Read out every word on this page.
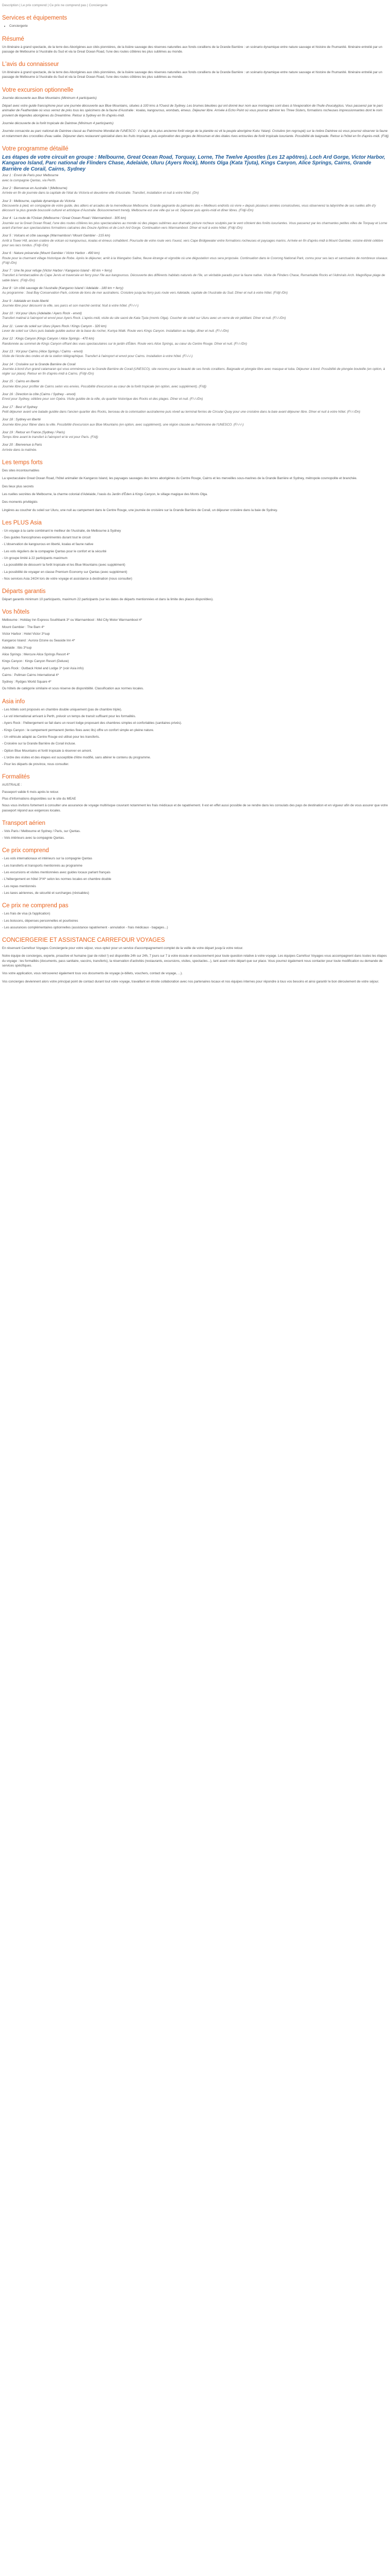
Description | Le prix comprend | Ce prix ne comprend pas | Conciergerie
Services et équipements
• Conciergerie
Résumé

Un itinéraire à grand spectacle, de la terre des Aborigènes aux cités pionnières, de la lisière sauvage des réserves naturelles aux fonds coralliens de la Grande Barrière : un scénario dynamique entre nature sauvage et histoire de l'humanité. Itinéraire entrelié par un passage de Melbourne à l'Australie du Sud et via la Great Ocean Road, l'une des routes côtières les plus sublimes au monde.

L'avis du connaisseur

Un itinéraire à grand spectacle, de la terre des Aborigènes aux cités pionnières, de la lisière sauvage des réserves naturelles aux fonds coralliens de la Grande Barrière : un scénario dynamique entre nature sauvage et histoire de l'humanité. Itinéraire entrelié par un passage de Melbourne à l'Australie du Sud et via la Great Ocean Road, l'une des routes côtières les plus sublimes au monde.

Votre excursion optionnelle

Journée découverte aux Blue Mountains (Minimum 4 participants)

Départ avec votre guide francophone pour une journée découverte aux Blue Mountains, situées à 100 kms à l'Ouest de Sydney. Les brumes bleutées qui ont donné leur nom aux montagnes sont dues à l'évaporation de l'huile d'eucalyptus. Vous passerez par le parc animalier de Featherdale où vous verrez de près tous les spécimens de la faune d'Australie : koalas, kangourous, wombats, émeus. Déjeuner libre. Arrivée à Echo Point où vous pourrez admirer les Three Sisters, formations rocheuses impressionnantes dont le nom provient de légendes aborigènes du Dreamtime. Retour à Sydney en fin d'après-midi.

Journée découverte de la forêt tropicale de Daintree (Minimum 4 participants)

Journée consacrée au parc national de Daintree classé au Patrimoine Mondial de l'UNESCO : il s'agit de la plus ancienne forêt vierge de la planète où vit la peuple aborigène Kuku Yalanji. Croisière (en regroupé) sur la rivière Daintree où vous pourrez observer la faune et notamment des crocodiles d'eau salée. Déjeuner dans restaurant spécialisé dans les fruits tropicaux, puis exploration des gorges de Mossman et des étales rives entourées de forêt tropicale luxuriante. Possibilité de baignade. Retour à l'hôtel en fin d'après-midi. (F/dj)

Votre programme détaillé
Les étapes de votre circuit en groupe : Melbourne, Great Ocean Road, Torquay, Lorne, The Twelve Apostles (Les 12 apôtres), Loch Ard Gorge, Victor Harbor, Kangaroo Island, Parc national de Flinders Chase, Adelaide, Uluru (Ayers Rock), Monts Olga (Kata Tjuta), Kings Canyon, Alice Springs, Cairns, Grande Barrière de Corail, Cairns, Sydney
Jour 1 : Envol de Paris pour Melbourne
avec la compagnie Qantas, via Perth.
Jour 2 : Bienvenue en Australie ! (Melbourne)
Arrivée en fin de journée dans la capitale de l'état du Victoria et deuxième ville d'Australie. Transfert, installation et nuit à votre hôtel. (Dn)
Jour 3 : Melbourne, capitale dynamique du Victoria
Découverte à pied, en compagnie de votre guide, des atliers et arcades de la merveilleuse Melbourne. Grande gagnante du palmarès des « Meilleurs endroits où vivre » depuis plusieurs années consécutives, vous observerez la labyrinthe de ses ruelles afin d'y découvrir la plus grande boussolé culturel et artistique d'Australie. Boissonnement trendy, Melbourne est une ville qui se vit. Déjeuner puis après-midi et dîner libres. (F/dj/-/Dn)
Jour 4 : La route de l'Océan (Melbourne / Great Ocean Road / Warrnambool - 305 km)
Journée sur la Great Ocean Road, l'une des routes côtières les plus spectaculaires au monde où des plages sublimes aux dramatic picture rocheux sculptés par le vent côtoient des forêts luxuriantes. Vous passerez par les charmantes petites villes de Torquay et Lorne avant d'arriver aux spectaculaires formations calcaires des Douze Apôtres et de Loch Ard Gorge. Continuation vers Warrnambool. Dîner et nuit à votre hôtel. (F/dj/-/Dn)
Jour 5 : Volcans et côte sauvage (Warrnambool / Mount Gambier - 215 km)
Arrêt à Tower Hill, ancien cratère de volcan où kangourous, koalas et émeus cohabitent. Poursuite de votre route vers l'ouest, vers Cape Bridgewater entre formations rocheuses et paysages marins. Arrivée en fin d'après-midi à Mount Gambier, voisine étinté célèbre pour ses lacs tondus. (F/dj/-/Dn)
Jour 6 : Nature préservée (Mount Gambier / Victor Harbor - 490 km)
Route pour la charmant village historique de Robe. Après le déjeuner, arrêt à la Wangaloo Saline, fleuve étrange et vignoble où une dégustation vous sera proposée. Continuation dans le Coorong National Park, connu pour ses lacs et sanctuaires de nombreux oiseaux. (F/dj/-/Dn)
Jour 7 : Une île pour refuge (Victor Harbor / Kangaroo Island - 60 km + ferry)
Transfert à l'embarcadère du Cape Jervis et traversée en ferry pour l'île aux kangourous. Découverte des différents habitats naturels de l'île, un véritable paradis pour la faune native. Visite de Flinders Chase, Remarkable Rocks et l'Admirals Arch. Magnifique plage de sable blanc. (F/dj/-/Dn)
Jour 8 : Un côté sauvage de l'Australie (Kangaroo Island / Adelaide - 180 km + ferry)
Au programme : Seal Bay Conservation Park, colonie de lions de mer australiens. Croisière jusqu'au ferry puis route vers Adelaide, capitale de l'Australie du Sud. Dîner et nuit à votre hôtel. (F/dj/-/Dn)
Jour 9 : Adelaide en toute liberté
Journée libre pour découvrir la ville, ses parcs et son marché central. Nuit à votre hôtel. (F/-/-/-)
Jour 10 : Vol pour Uluru (Adelaide / Ayers Rock - envol)
Transfert matinal à l'aéroport et envol pour Ayers Rock. L'après-midi, visite du site sacré de Kata Tjuta (monts Olga). Coucher de soleil sur Uluru avec un verre de vin pétillant. Dîner et nuit. (F/-/-/Dn)
Jour 11 : Lever du soleil sur Uluru (Ayers Rock / Kings Canyon - 320 km)
Lever de soleil sur Uluru puis balade guidée autour de la base du rocher, Kuniya Walk. Route vers Kings Canyon. Installation au lodge, dîner et nuit. (F/-/-/Dn)
Jour 12 : Kings Canyon (Kings Canyon / Alice Springs - 470 km)
Randonnée au sommet de Kings Canyon offrant des vues spectaculaires sur le jardin d'Éden. Route vers Alice Springs, au cœur du Centre Rouge. Dîner et nuit. (F/-/-/Dn)
Jour 13 : Vol pour Cairns (Alice Springs / Cairns - envol)
Visite de l'école des ondes et de la station télégraphique. Transfert à l'aéroport et envol pour Cairns. Installation à votre hôtel. (F/-/-/-)
Jour 14 : Croisière sur la Grande Barrière de Corail
Journée à bord d'un grand catamaran qui vous emmènera sur la Grande Barrière de Corail (UNESCO), site reconnu pour la beauté de ses fonds coralliens. Baignade et plongée libre avec masque et tuba. Déjeuner à bord. Possibilité de plongée bouteille (en option, à régler sur place). Retour en fin d'après-midi à Cairns. (F/dj/-/Dn)
Jour 15 : Cairns en liberté
Journée libre pour profiter de Cairns selon vos envies. Possibilité d'excursion au cœur de la forêt tropicale (en option, avec supplément). (F/dj)
Jour 16 : Direction la côte (Cairns / Sydney - envol)
Envol pour Sydney, célèbre pour son Opéra. Visite guidée de la ville, du quartier historique des Rocks et des plages. Dîner et nuit. (F/-/-/Dn)
Jour 17 : Best of Sydney
Petit déjeuner avant une balade guidée dans l'ancien quartier des Rocks, berceau de la colonisation australienne puis réveil au terminal ferries de Circular Quay pour une croisière dans la baie avant déjeuner libre. Dîner et nuit à votre hôtel. (F/-/-/Dn)
Jour 18 : Sydney en liberté
Journée libre pour flâner dans la ville. Possibilité d'excursion aux Blue Mountains (en option, avec supplément), une région classée au Patrimoine de l'UNESCO. (F/-/-/-)
Jour 19 : Retour en France (Sydney / Paris)
Temps libre avant le transfert à l'aéroport et le vol pour Paris. (F/dj)
Jour 20 : Bienvenue à Paris
Arrivée dans la matinée.
Les temps forts

Des sites incontournables

La spectaculaire Great Ocean Road, l'hôtel animalier de Kangaroo Island, les paysages sauvages des terres aborigènes du Centre Rouge, Cairns et les merveilles sous-marines de la Grande Barrière et Sydney, métropole cosmopolite et branchée.

Des lieux plus secrets

Les ruelles secrètes de Melbourne, la charme colonial d'Adelaide, l'oasis du Jardin d'Éden à Kings Canyon, le sillage magique des Monts Olga.

Des moments privilégiés

Lingères au coucher du soleil sur Uluru, une nuit au campement dans le Centre Rouge, une journée de croisière sur la Grande Barrière de Corail, un déjeuner croisière dans la baie de Sydney.

Les PLUS Asia

- Un voyage à la carte combinant le meilleur de l'Australie, de Melbourne à Sydney

- Des guides francophones expérimentés durant tout le circuit

- L'observation de kangourous en liberté, koalas et faune native

- Les vols réguliers de la compagnie Qantas pour le confort et la sécurité

- Un groupe limité à 22 participants maximum

- La possibilité de découvrir la forêt tropicale et les Blue Mountains (avec supplément)

- La possibilité de voyager en classe Premium Economy sur Qantas (avec supplément)

- Nos services Asia 24/24 lors de votre voyage et assistance à destination (nous consulter)

Départs garantis

Départ garantis minimum 10 participants, maximum 22 participants (sur les dates de départs mentionnées et dans la limite des places disponibles).

Vos hôtels

Melbourne : Holiday Inn Express Southbank 3* ou Warrnambool : Mid City Motor Warrnambool 4*

Mount Gambier : The Barn 4*

Victor Harbor : Hotel Victor 3*sup

Kangaroo Island : Aurora Ozone ou Seaside Inn 4*

Adelaide : Ibis 3*sup

Alice Springs : Mercure Alice Springs Resort 4*

Kings Canyon : Kings Canyon Resort (Deluxe)

Ayers Rock : Outback Hotel and Lodge 3* (voir Asia info)

Cairns : Pullman Cairns International 4*

Sydney : Rydges World Square 4*

Ou hôtels de catégorie similaire et sous réserve de disponibilité. Classification aux normes locales.

Asia info

- Les hôtels sont proposés en chambre double uniquement (pas de chambre triple).

- Le vol international arrivant à Perth, prévoir un temps de transit suffisant pour les formalités.

- Ayers Rock : l'hébergement se fait dans un resort lodge proposant des chambres simples et confortables (sanitaires privés).

- Kings Canyon : le campement permanent (tentes fixes avec lits) offre un confort simple en pleine nature.

- Un véhicule adapté au Centre Rouge est utilisé pour les transferts.

- Croisière sur la Grande Barrière de Corail incluse.

- Option Blue Mountains et forêt tropicale à réserver en amont.

- L'ordre des visites et des étapes est susceptible d'être modifié, sans altérer le contenu du programme.

- Pour les départs de province, nous consulter.

Formalités

AUSTRALIE :

Passeport valide 6 mois après le retour.

Plus d'informations disponibles sur le site du MEAE

Nous vous invitons fortement à consulter une assurance de voyage multirisque couvrant notamment les frais médicaux et de rapatriement. Il est en effet aussi possible de se rendre dans les consulats des pays de destination et en vigueur afin de vous assurer que votre passeport répond aux exigences locales.

Transport aérien

- Vols Paris / Melbourne et Sydney / Paris, sur Qantas.

- Vols intérieurs avec la compagnie Qantas.

Ce prix comprend

- Les vols internationaux et intérieurs sur la compagnie Qantas

- Les transferts et transports mentionnés au programme

- Les excursions et visites mentionnées avec guides locaux parlant français

- L'hébergement en hôtel 3*/4* selon les normes locales en chambre double

- Les repas mentionnés

- Les taxes aériennes, de sécurité et surcharges (révisables)

Ce prix ne comprend pas

- Les frais de visa (à l'application)

- Les boissons, dépenses personnelles et pourboires

- Les assurances complémentaires optionnelles (assistance rapatriement - annulation - frais médicaux - bagages...)

CONCIERGERIE ET ASSISTANCE CARREFOUR VOYAGES

En réservant Carrefour Voyages Conciergerie pour votre séjour, vous optez pour un service d'accompagnement complet de la veille de votre départ jusqu'à votre retour.

Notre équipe de concierges, experte, proactive et humaine (par de robot !) est disponible 24h sur 24h, 7 jours sur 7 à votre écoute et exclusivement pour toute question relative à votre voyage. Les équipes Carrefour Voyages vous accompagnent dans toutes les étapes du voyage : les formalités (documents, pass sanitaire, vaccins, transferts), la réservation d'activités (restaurants, excursions, visites, spectacles...), tant avant votre départ que sur place. Vous pourrez également nous contacter pour toute modification ou demande de services spécifiques.

Vos votre application, vous retrouverez également tous vos documents de voyage (e-billets, vouchers, contact de voyage, ...).

Vos concierges deviennent alors votre principal point de contact durant tout votre voyage, travaillant en étroite collaboration avec nos partenaires locaux et nos équipes internes pour répondre à tous vos besoins et ainsi garantir le bon déroulement de votre séjour.
